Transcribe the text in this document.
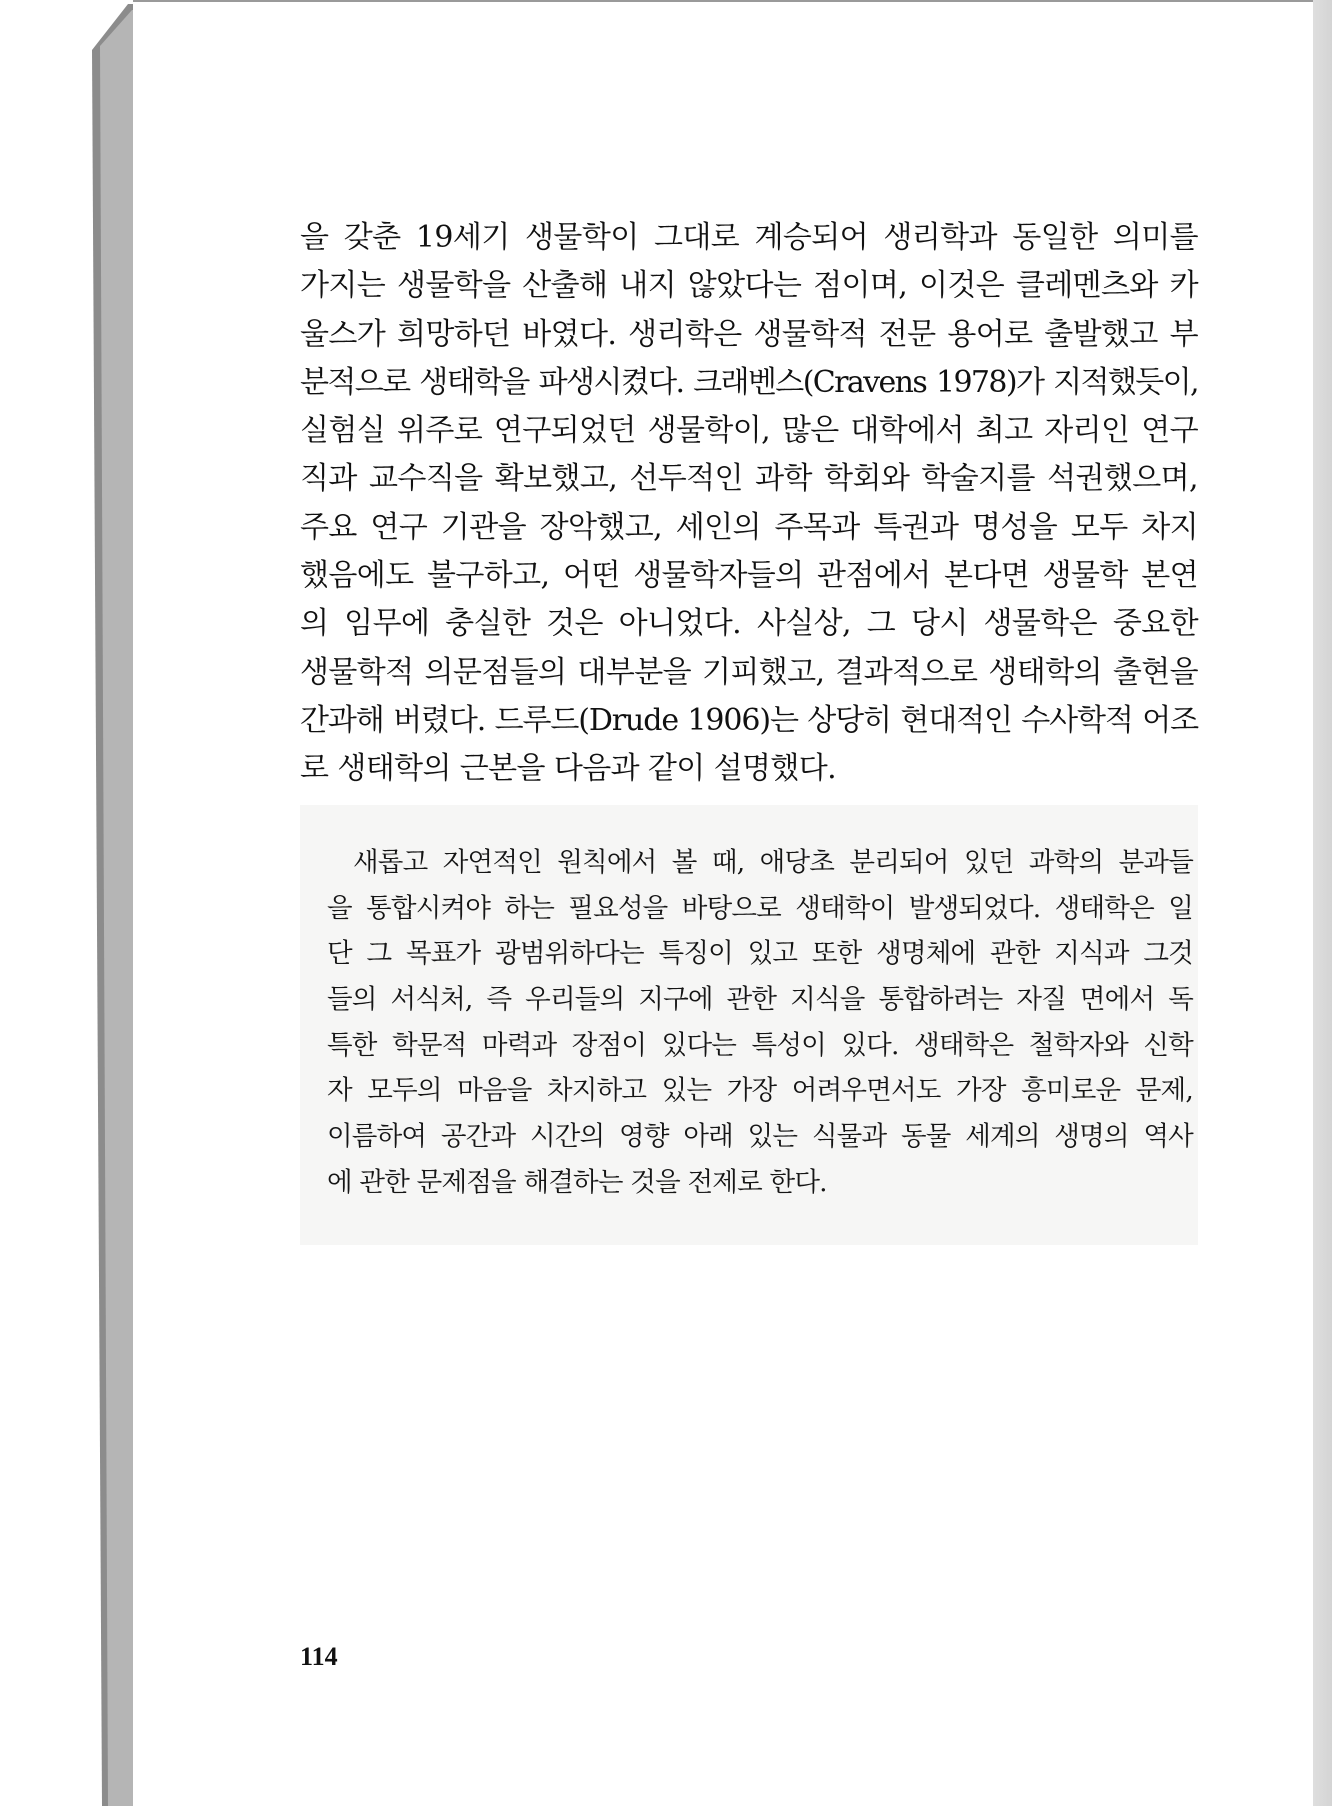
을 갖춘 19세기 생물학이 그대로 계승되어 생리학과 동일한 의미를
가지는 생물학을 산출해 내지 않았다는 점이며, 이것은 클레멘츠와 카
울스가 희망하던 바였다. 생리학은 생물학적 전문 용어로 출발했고 부
분적으로 생태학을 파생시켰다. 크래벤스(Cravens 1978)가 지적했듯이,
실험실 위주로 연구되었던 생물학이, 많은 대학에서 최고 자리인 연구
직과 교수직을 확보했고, 선두적인 과학 학회와 학술지를 석권했으며,
주요 연구 기관을 장악했고, 세인의 주목과 특권과 명성을 모두 차지
했음에도 불구하고, 어떤 생물학자들의 관점에서 본다면 생물학 본연
의 임무에 충실한 것은 아니었다. 사실상, 그 당시 생물학은 중요한
생물학적 의문점들의 대부분을 기피했고, 결과적으로 생태학의 출현을
간과해 버렸다. 드루드(Drude 1906)는 상당히 현대적인 수사학적 어조
로 생태학의 근본을 다음과 같이 설명했다.
새롭고 자연적인 원칙에서 볼 때, 애당초 분리되어 있던 과학의 분과들
을 통합시켜야 하는 필요성을 바탕으로 생태학이 발생되었다. 생태학은 일
단 그 목표가 광범위하다는 특징이 있고 또한 생명체에 관한 지식과 그것
들의 서식처, 즉 우리들의 지구에 관한 지식을 통합하려는 자질 면에서 독
특한 학문적 마력과 장점이 있다는 특성이 있다. 생태학은 철학자와 신학
자 모두의 마음을 차지하고 있는 가장 어려우면서도 가장 흥미로운 문제,
이름하여 공간과 시간의 영향 아래 있는 식물과 동물 세계의 생명의 역사
에 관한 문제점을 해결하는 것을 전제로 한다.
114
